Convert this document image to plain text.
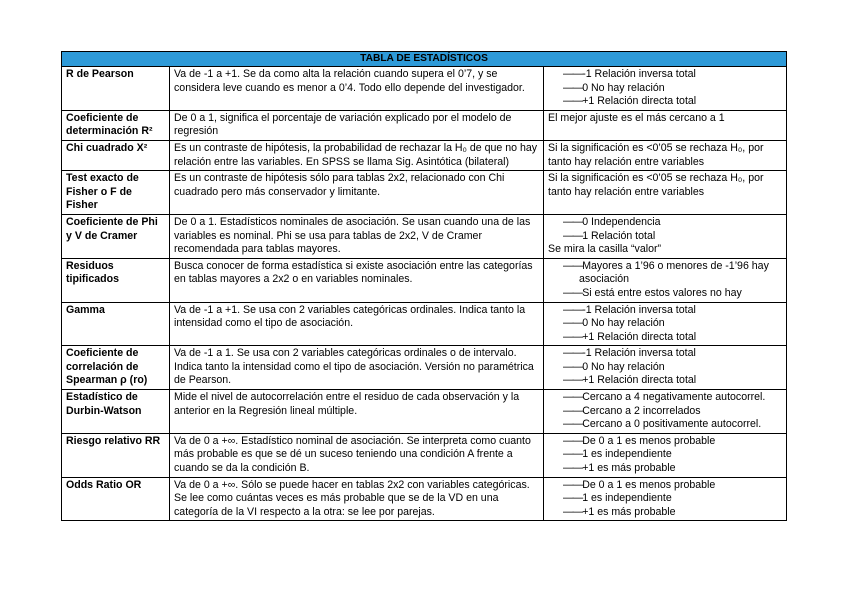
TABLA DE ESTADÍSTICOS		
R de Pearson	Va de -1 a +1. Se da como alta la relación cuando supera el 0’7, y se considera leve cuando es menor a 0’4. Todo ello depende del investigador.	—— -1 Relación inversa total
—— 0 No hay relación
—— +1 Relación directa total

Coeficiente de determinación R²	De 0 a 1, significa el porcentaje de variación explicado por el modelo de regresión	El mejor ajuste es el más cercano a 1

Chi cuadrado X²	Es un contraste de hipótesis, la probabilidad de rechazar la H₀ de que no hay relación entre las variables. En SPSS se llama Sig. Asintótica (bilateral)	Si la significación es <0’05 se rechaza H₀, por tanto hay relación entre variables

Test exacto de Fisher o F de Fisher	Es un contraste de hipótesis sólo para tablas 2x2, relacionado con Chi cuadrado pero más conservador y limitante.	Si la significación es <0’05 se rechaza H₀, por tanto hay relación entre variables

Coeficiente de Phi y V de Cramer	De 0 a 1. Estadísticos nominales de asociación. Se usan cuando una de las variables es nominal. Phi se usa para tablas de 2x2, V de Cramer recomendada para tablas mayores.	—— 0 Independencia
—— 1 Relación total
Se mira la casilla “valor”

Residuos tipificados	Busca conocer de forma estadística si existe asociación entre las categorías en tablas mayores a 2x2 o en variables nominales.	—— Mayores a 1’96 o menores de -1’96 hay asociación
—— Si está entre estos valores no hay

Gamma	Va de -1 a +1. Se usa con 2 variables categóricas ordinales. Indica tanto la intensidad como el tipo de asociación.	—— -1 Relación inversa total
—— 0 No hay relación
—— +1 Relación directa total

Coeficiente de correlación de Spearman ρ (ro)	Va de -1 a 1. Se usa con 2 variables categóricas ordinales o de intervalo. Indica tanto la intensidad como el tipo de asociación. Versión no paramétrica de Pearson.	—— -1 Relación inversa total
—— 0 No hay relación
—— +1 Relación directa total

Estadístico de Durbin-Watson	Mide el nivel de autocorrelación entre el residuo de cada observación y la anterior en la Regresión lineal múltiple.	—— Cercano a 4 negativamente autocorrel.
—— Cercano a 2 incorrelados
—— Cercano a 0 positivamente autocorrel.

Riesgo relativo RR	Va de 0 a +∞. Estadístico nominal de asociación. Se interpreta como cuanto más probable es que se dé un suceso teniendo una condición A frente a cuando se da la condición B.	—— De 0 a 1 es menos probable
—— 1 es independiente
—— +1 es más probable

Odds Ratio OR	Va de 0 a +∞. Sólo se puede hacer en tablas 2x2 con variables categóricas. Se lee como cuántas veces es más probable que se de la VD en una categoría de la VI respecto a la otra: se lee por parejas.	—— De 0 a 1 es menos probable
—— 1 es independiente
—— +1 es más probable
